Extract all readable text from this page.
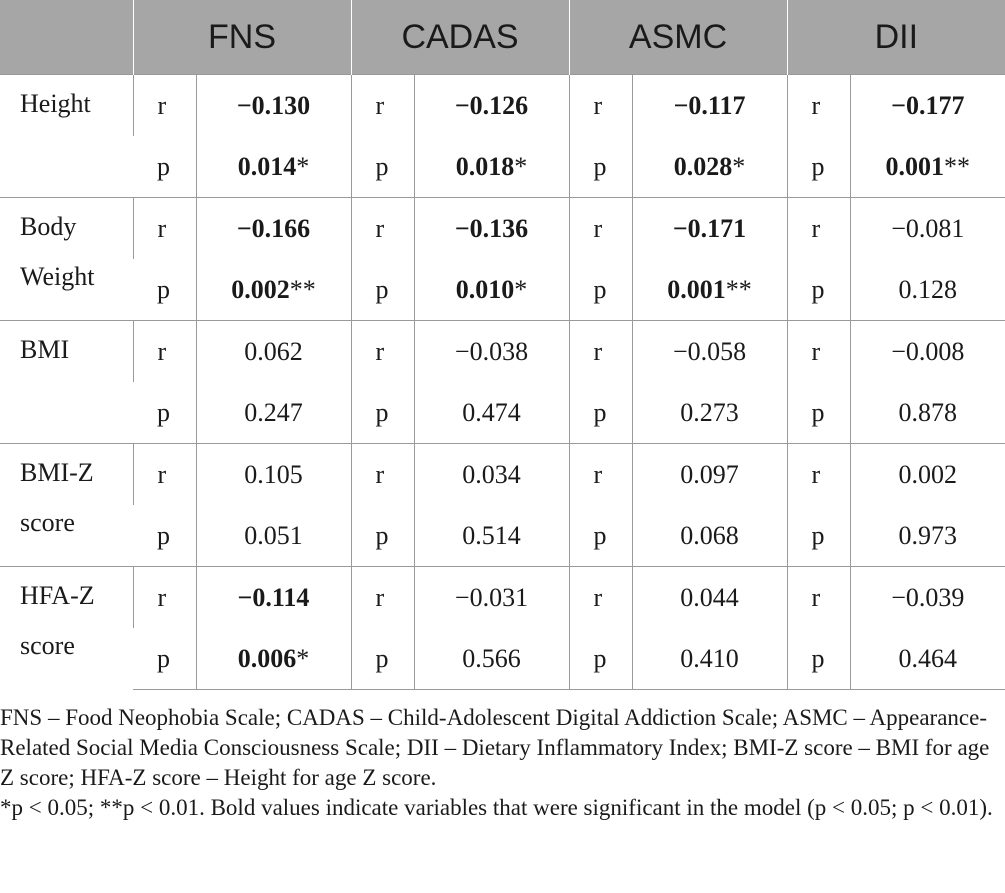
	FNS		CADAS		ASMC		DII	

Height	r	−0.130	r	−0.126	r	−0.117	r	−0.177
	p	0.014*	p	0.018*	p	0.028*	p	0.001**

Body Weight	r	−0.166	r	−0.136	r	−0.171	r	−0.081
	p	0.002**	p	0.010*	p	0.001**	p	0.128

BMI	r	0.062	r	−0.038	r	−0.058	r	−0.008
	p	0.247	p	0.474	p	0.273	p	0.878

BMI-Z score	r	0.105	r	0.034	r	0.097	r	0.002
	p	0.051	p	0.514	p	0.068	p	0.973

HFA-Z score	r	−0.114	r	−0.031	r	0.044	r	−0.039
	p	0.006*	p	0.566	p	0.410	p	0.464

FNS – Food Neophobia Scale; CADAS – Child-Adolescent Digital Addiction Scale; ASMC – Appearance-Related Social Media Consciousness Scale; DII – Dietary Inflammatory Index; BMI-Z score – BMI for age Z score; HFA-Z score – Height for age Z score.

*p < 0.05; **p < 0.01. Bold values indicate variables that were significant in the model (p < 0.05; p < 0.01).
